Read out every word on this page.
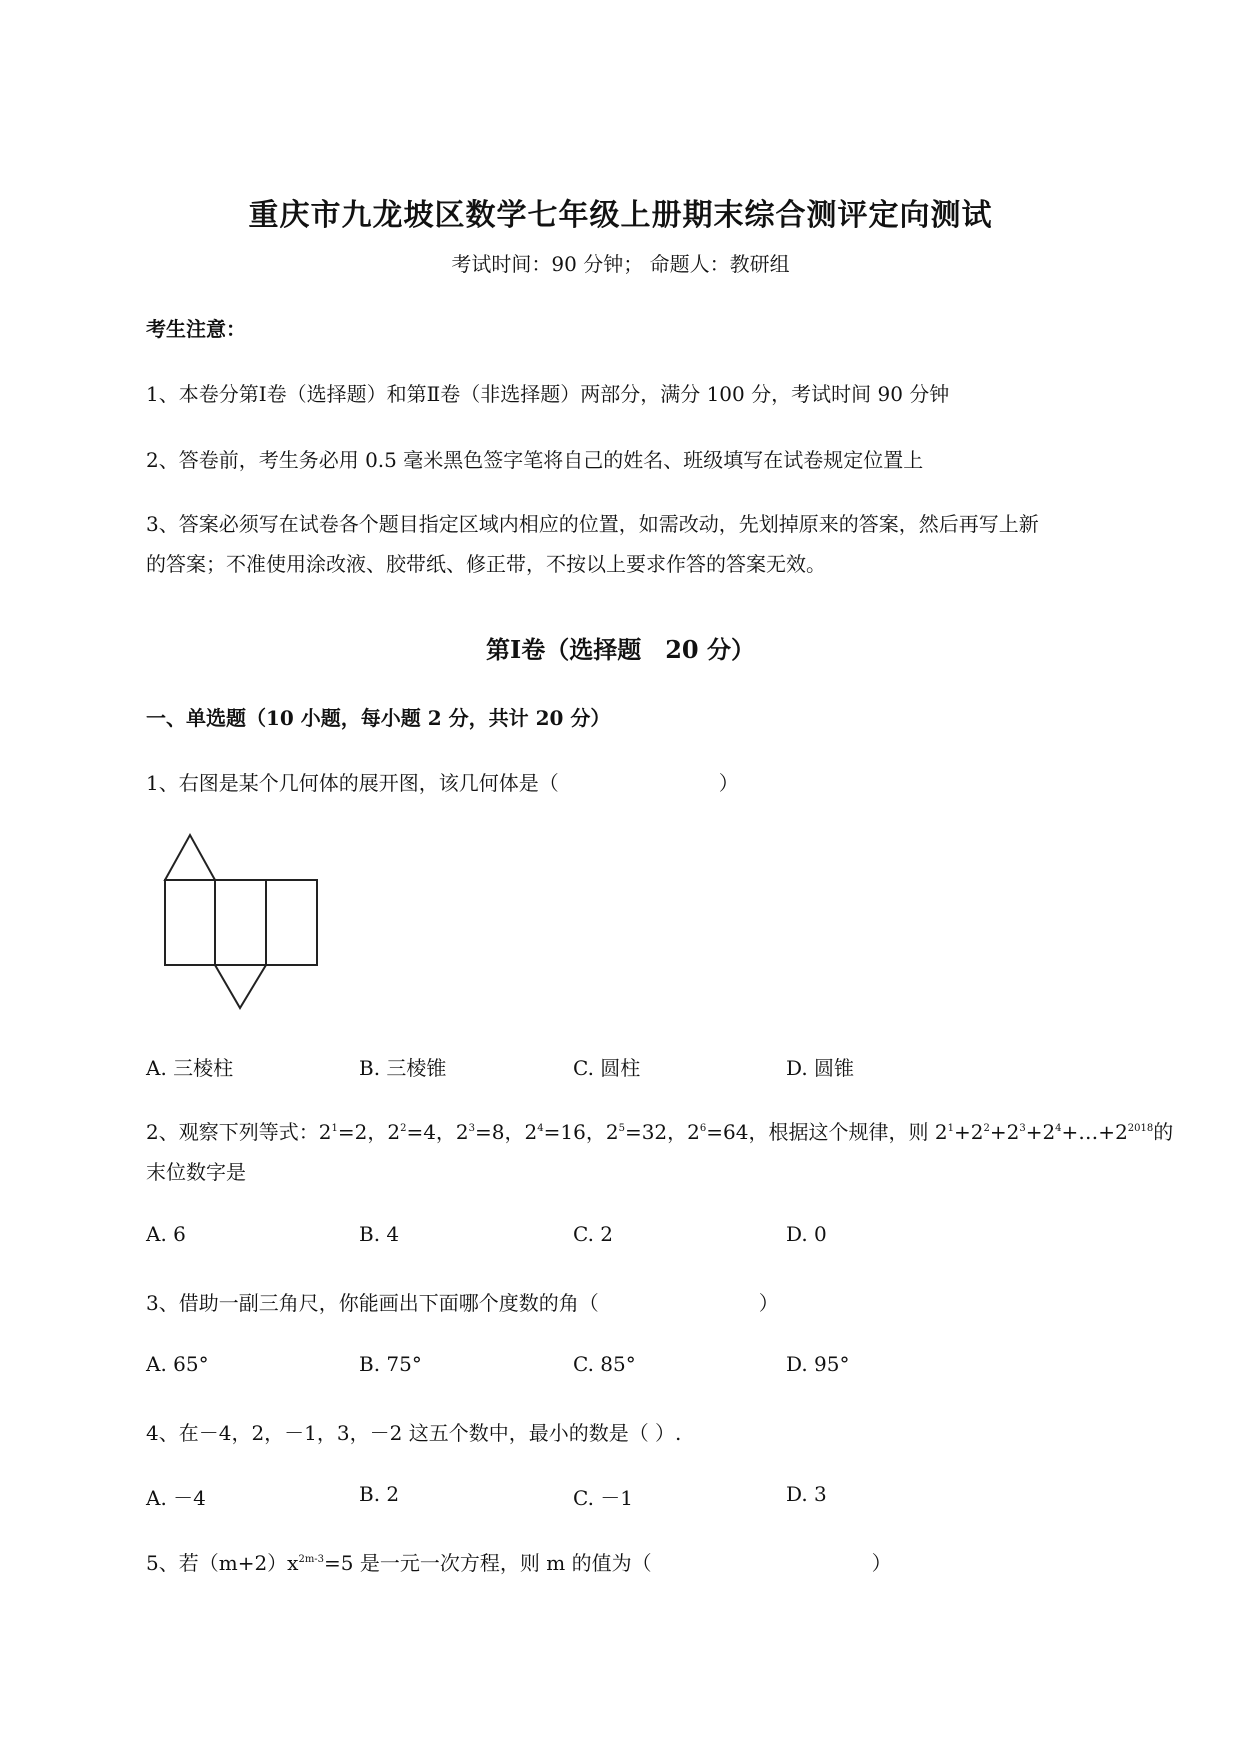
重庆市九龙坡区数学七年级上册期末综合测评定向测试
考试时间：90 分钟； 命题人：教研组
考生注意：
1、本卷分第Ⅰ卷（选择题）和第Ⅱ卷（非选择题）两部分，满分 100 分，考试时间 90 分钟
2、答卷前，考生务必用 0.5 毫米黑色签字笔将自己的姓名、班级填写在试卷规定位置上
3、答案必须写在试卷各个题目指定区域内相应的位置，如需改动，先划掉原来的答案，然后再写上新
的答案；不准使用涂改液、胶带纸、修正带，不按以上要求作答的答案无效。
第Ⅰ卷（选择题　20 分）
一、单选题（10 小题，每小题 2 分，共计 20 分）
1、右图是某个几何体的展开图，该几何体是（　　　　　　　　）
A. 三棱柱	B. 三棱锥	C. 圆柱	D. 圆锥
2、观察下列等式：$2^1=2$，$2^2=4$，$2^3=8$，$2^4=16$，$2^5=32$，$2^6=64$，根据这个规律，则 $2^1+2^2+2^3+2^4+\dots+2^{2018}$的
末位数字是
A. 6	B. 4	C. 2	D. 0
3、借助一副三角尺，你能画出下面哪个度数的角（　　　　　　　　）
A. 65°	B. 75°	C. 85°	D. 95°
4、在－4，2，－1，3，－2 这五个数中，最小的数是（ ）.
A. －4	B. 2	C. －1	D. 3
5、若$(m+2)x^{2m-3}=5$ 是一元一次方程，则 m 的值为（　　　　　　　　　　　）
